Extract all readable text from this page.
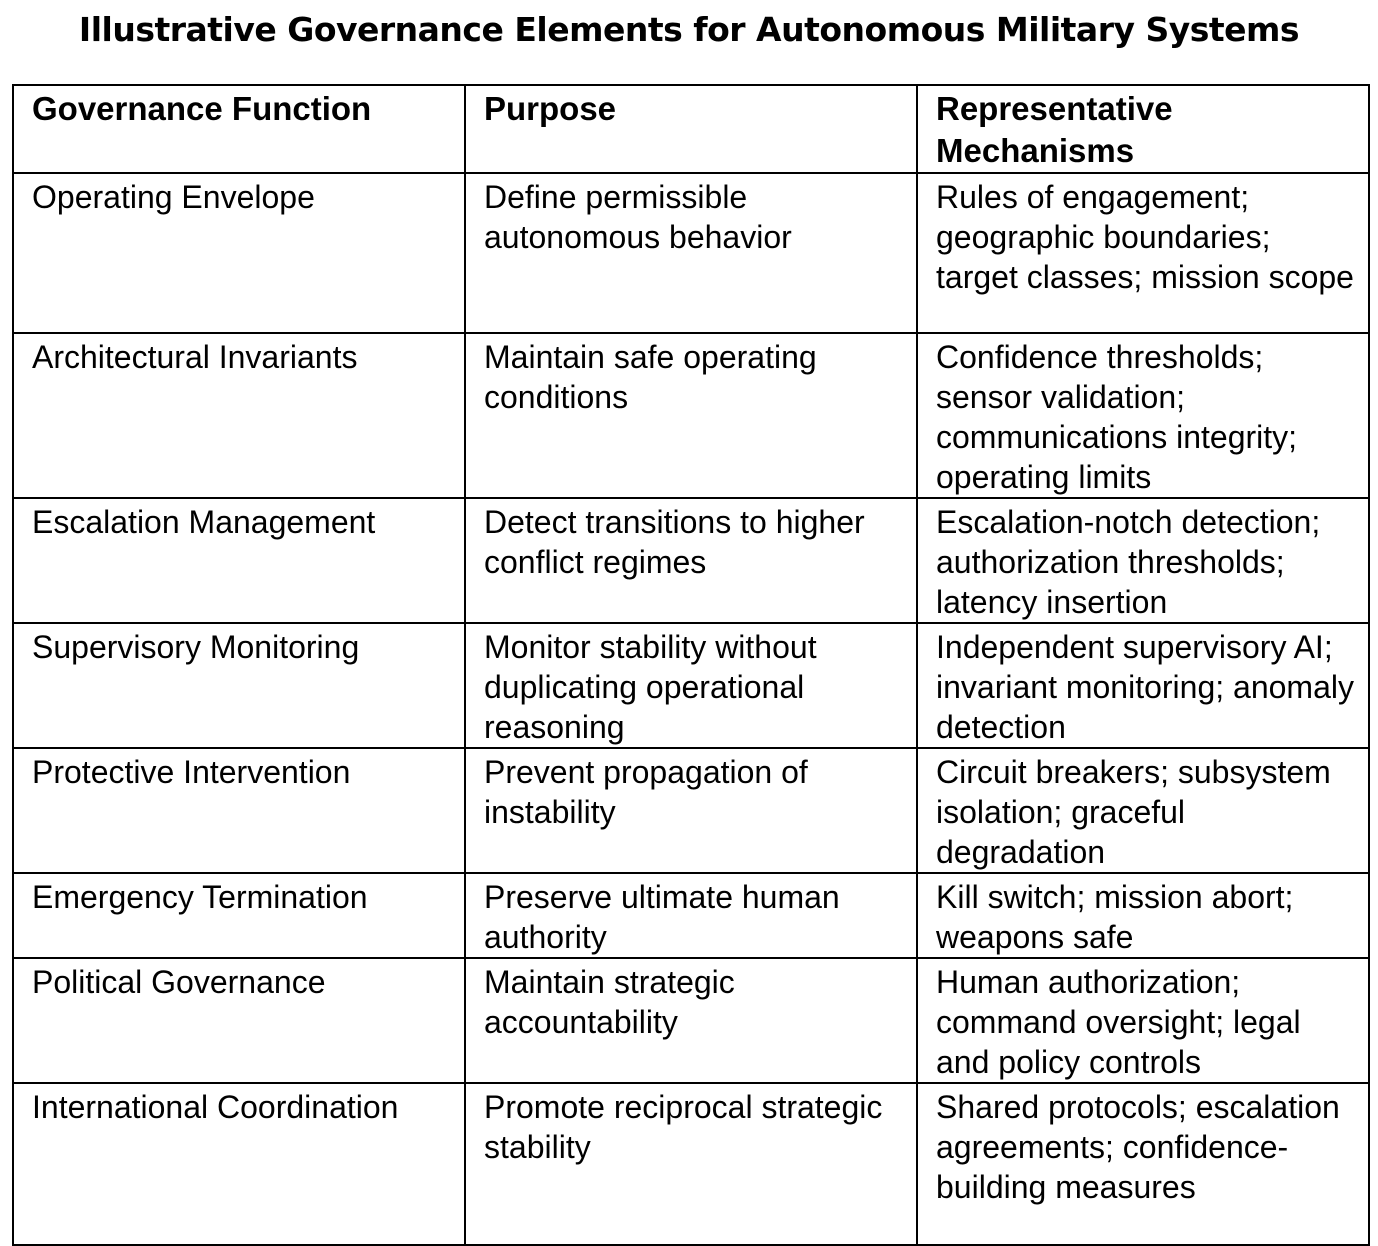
Illustrative Governance Elements for Autonomous Military Systems
Governance Function	Purpose	Representative Mechanisms
Operating Envelope	Define permissible autonomous behavior	Rules of engagement; geographic boundaries; target classes; mission scope
Architectural Invariants	Maintain safe operating conditions	Confidence thresholds; sensor validation; communications integrity; operating limits
Escalation Management	Detect transitions to higher conflict regimes	Escalation-notch detection; authorization thresholds; latency insertion
Supervisory Monitoring	Monitor stability without duplicating operational reasoning	Independent supervisory AI; invariant monitoring; anomaly detection
Protective Intervention	Prevent propagation of instability	Circuit breakers; subsystem isolation; graceful degradation
Emergency Termination	Preserve ultimate human authority	Kill switch; mission abort; weapons safe
Political Governance	Maintain strategic accountability	Human authorization; command oversight; legal and policy controls
International Coordination	Promote reciprocal strategic stability	Shared protocols; escalation agreements; confidence-building measures
